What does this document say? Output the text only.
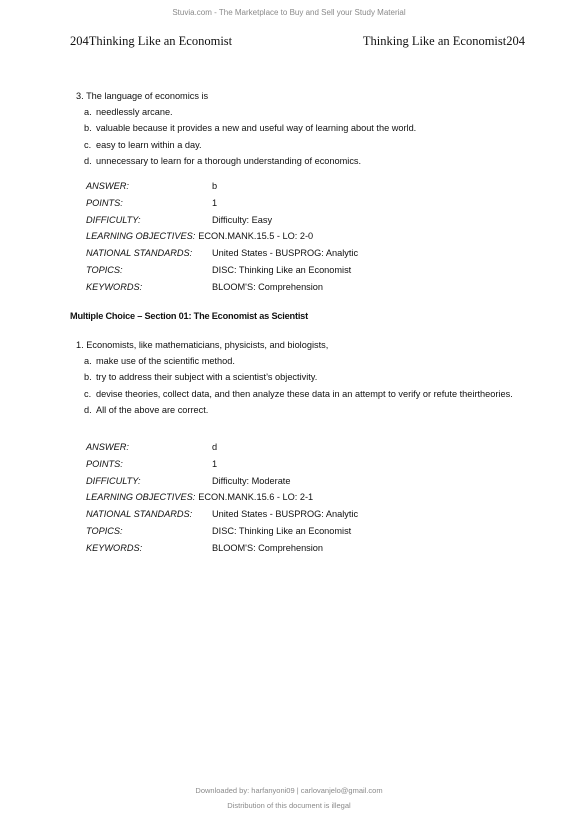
Stuvia.com - The Marketplace to Buy and Sell your Study Material
204Thinking Like an Economist	Thinking Like an Economist204

3. The language of economics is

a. needlessly arcane.
b. valuable because it provides a new and useful way of learning about the world.
c. easy to learn within a day.
d. unnecessary to learn for a thorough understanding of economics.
ANSWER:	b
POINTS:	1
DIFFICULTY:	Difficulty: Easy
LEARNING OBJECTIVES: ECON.MANK.15.5 - LO: 2-0
NATIONAL STANDARDS:	United States - BUSPROG: Analytic
TOPICS:	DISC: Thinking Like an Economist
KEYWORDS:	BLOOM'S: Comprehension
Multiple Choice – Section 01: The Economist as Scientist

1. Economists, like mathematicians, physicists, and biologists,

a. make use of the scientific method.
b. try to address their subject with a scientist’s objectivity.
c. devise theories, collect data, and then analyze these data in an attempt to verify or refute theirtheories.
d. All of the above are correct.
ANSWER:	d
POINTS:	1
DIFFICULTY:	Difficulty: Moderate
LEARNING OBJECTIVES: ECON.MANK.15.6 - LO: 2-1
NATIONAL STANDARDS:	United States - BUSPROG: Analytic
TOPICS:	DISC: Thinking Like an Economist
KEYWORDS:	BLOOM'S: Comprehension
Downloaded by: harfanyoni09 | carlovanjelo@gmail.com
Distribution of this document is illegal
